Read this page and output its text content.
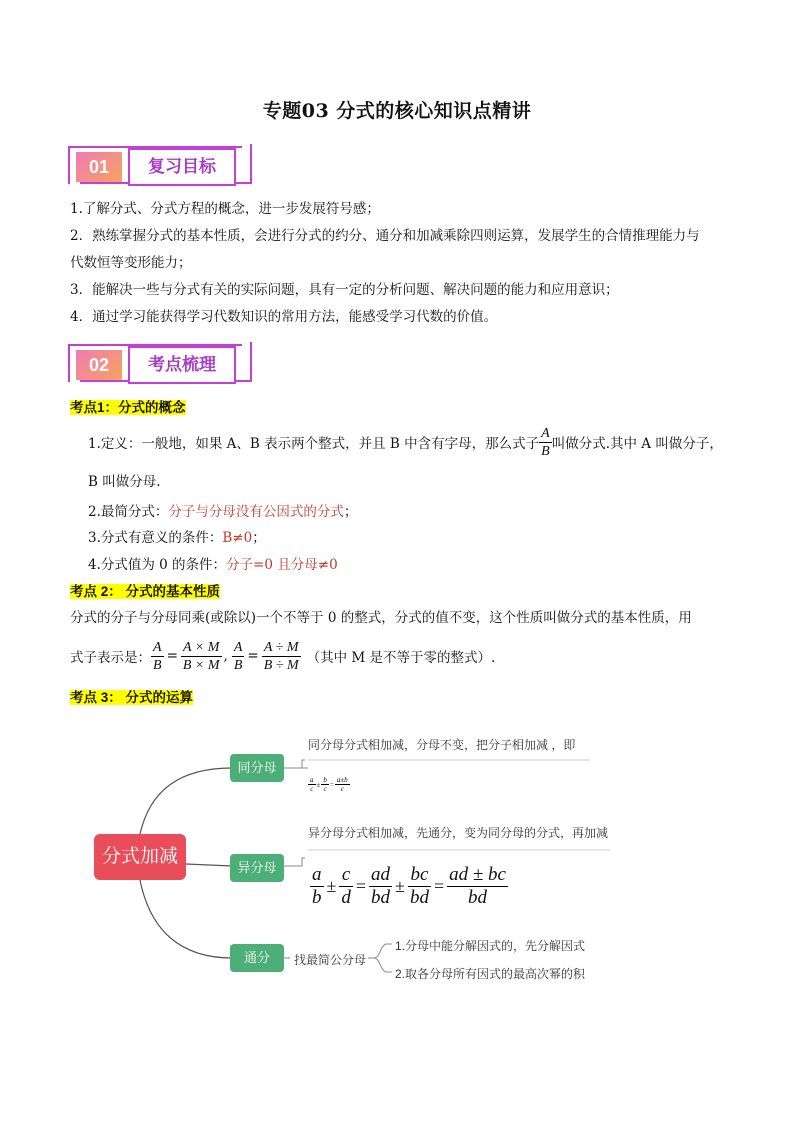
专题03 分式的核心知识点精讲
01	复习目标
1.了解分式、分式方程的概念，进一步发展符号感；
2．熟练掌握分式的基本性质，会进行分式的约分、通分和加减乘除四则运算，发展学生的合情推理能力与
代数恒等变形能力；
3．能解决一些与分式有关的实际问题，具有一定的分析问题、解决问题的能力和应用意识；
4．通过学习能获得学习代数知识的常用方法，能感受学习代数的价值。
02	考点梳理
考点1：分式的概念
1.定义：一般地，如果 A、B 表示两个整式，并且 B 中含有字母，那么式子 $\frac{A}{B}$ 叫做分式.其中 A 叫做分子，
B 叫做分母.
2.最简分式：分子与分母没有公因式的分式；
3.分式有意义的条件：B≠0；
4.分式值为 0 的条件：分子=0 且分母≠0
考点 2： 分式的基本性质
分式的分子与分母同乘(或除以)一个不等于 0 的整式，分式的值不变，这个性质叫做分式的基本性质，用
式子表示是： $\frac{A}{B} = \frac{A \times M}{B \times M}$ , $\frac{A}{B} = \frac{A \div M}{B \div M}$ （其中 M 是不等于零的整式）.
考点 3： 分式的运算
分式加减
同分母
同分母分式相加减，分母不变，把分子相加减 ，即
$\frac{a}{c} \pm \frac{b}{c} = \frac{a\pm b}{c}$
异分母
异分母分式相加减，先通分，变为同分母的分式，再加减
a
b
± $\frac{c}{d} = \frac{ad}{bd} \pm \frac{bc}{bd} = \frac{ad \pm bc}{bd}$
通分	找最简公分母
1.分母中能分解因式的，先分解因式
2.取各分母所有因式的最高次幂的积
